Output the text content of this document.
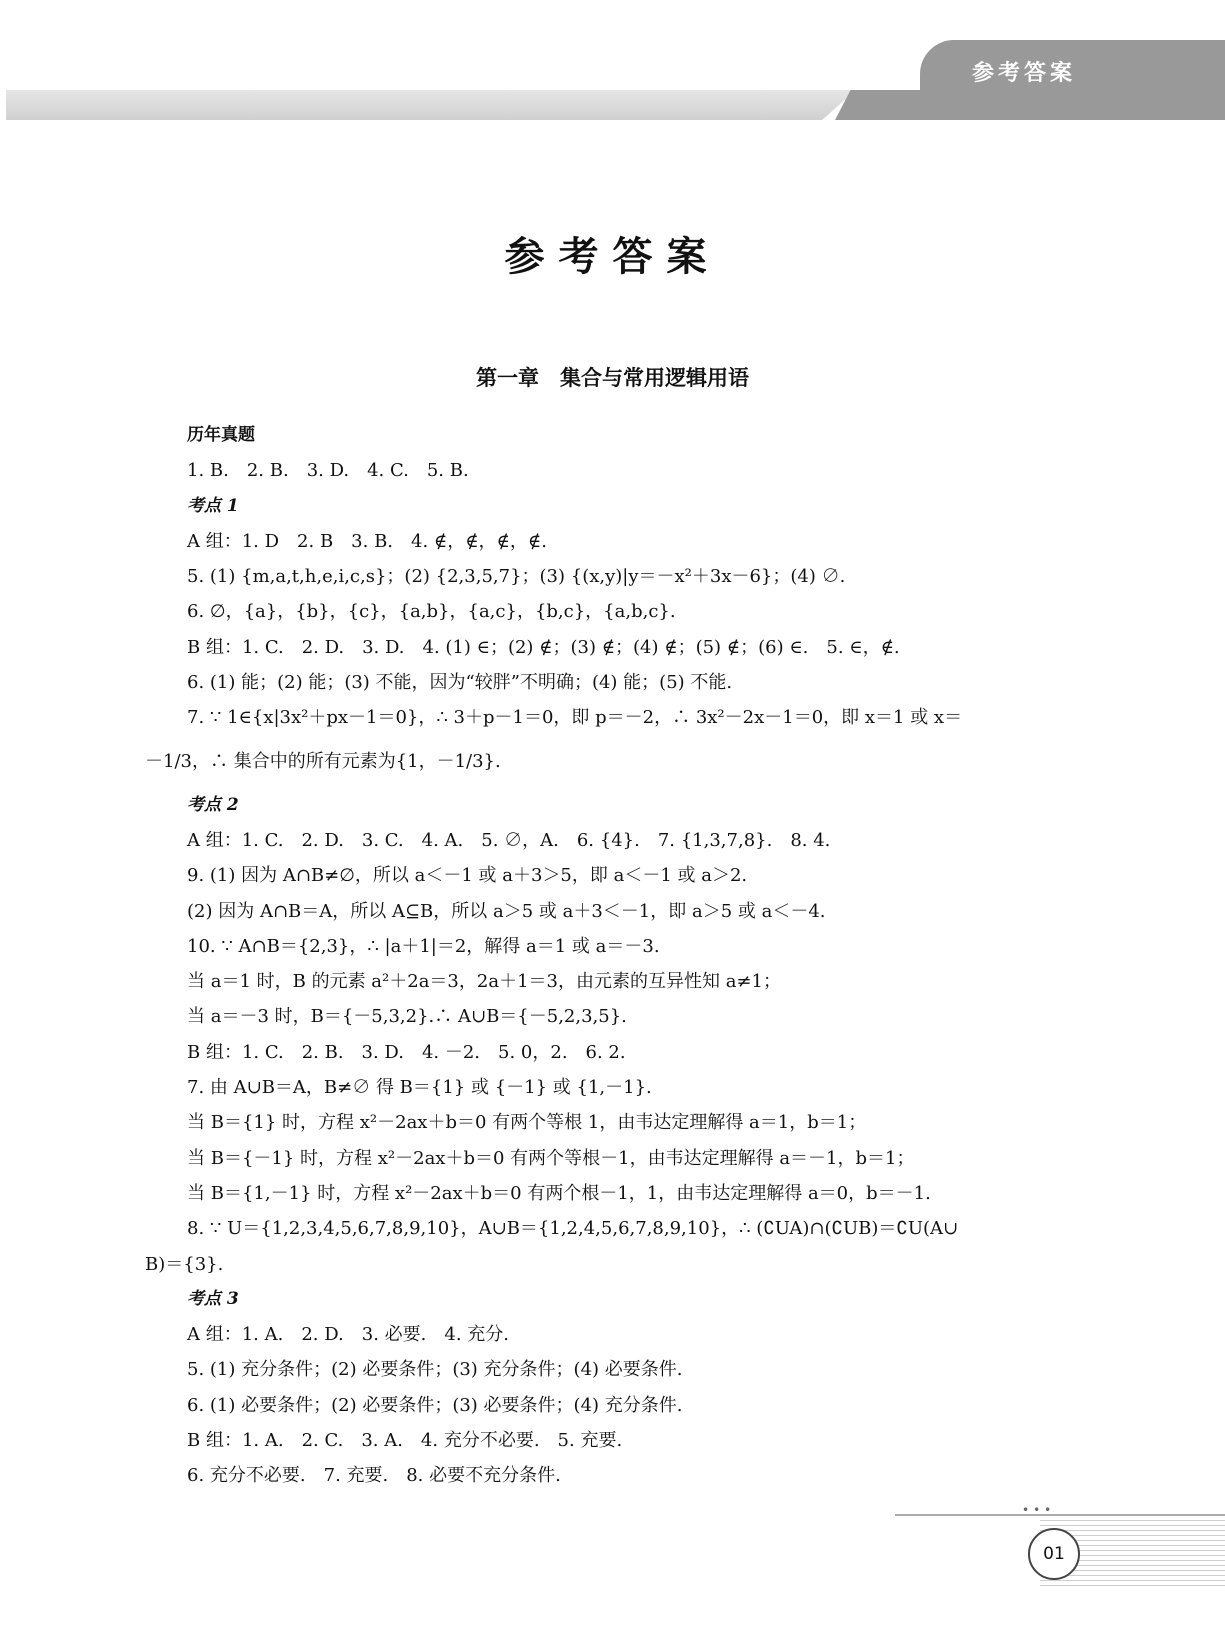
参考答案
参考答案
第一章　集合与常用逻辑用语
历年真题
1. B.　2. B.　3. D.　4. C.　5. B.
考点 1
A 组：1. D　2. B　3. B.　4. ∉，∉，∉，∉.
5. (1) {m,a,t,h,e,i,c,s}；(2) {2,3,5,7}；(3) {(x,y)|y＝－x²＋3x－6}；(4) ∅.
6. ∅，{a}，{b}，{c}，{a,b}，{a,c}，{b,c}，{a,b,c}.
B 组：1. C.　2. D.　3. D.　4. (1) ∈；(2) ∉；(3) ∉；(4) ∉；(5) ∉；(6) ∈.　5. ∈，∉.
6. (1) 能；(2) 能；(3) 不能，因为“较胖”不明确；(4) 能；(5) 不能.
7. ∵ 1∈{x|3x²＋px－1＝0}，∴ 3＋p－1＝0，即 p＝－2，∴ 3x²－2x－1＝0，即 x＝1 或 x＝
－1/3，∴ 集合中的所有元素为{1，－1/3}.
考点 2
A 组：1. C.　2. D.　3. C.　4. A.　5. ∅，A.　6. {4}.　7. {1,3,7,8}.　8. 4.
9. (1) 因为 A∩B≠∅，所以 a＜－1 或 a＋3＞5，即 a＜－1 或 a＞2.
(2) 因为 A∩B＝A，所以 A⊆B，所以 a＞5 或 a＋3＜－1，即 a＞5 或 a＜－4.
10. ∵ A∩B＝{2,3}，∴ |a＋1|＝2，解得 a＝1 或 a＝－3.
当 a＝1 时，B 的元素 a²＋2a＝3，2a＋1＝3，由元素的互异性知 a≠1；
当 a＝－3 时，B＝{－5,3,2}.∴ A∪B＝{－5,2,3,5}.
B 组：1. C.　2. B.　3. D.　4. －2.　5. 0，2.　6. 2.
7. 由 A∪B＝A，B≠∅ 得 B＝{1} 或 {－1} 或 {1,－1}.
当 B＝{1} 时，方程 x²－2ax＋b＝0 有两个等根 1，由韦达定理解得 a＝1，b＝1；
当 B＝{－1} 时，方程 x²－2ax＋b＝0 有两个等根－1，由韦达定理解得 a＝－1，b＝1；
当 B＝{1,－1} 时，方程 x²－2ax＋b＝0 有两个根－1，1，由韦达定理解得 a＝0，b＝－1.
8. ∵ U＝{1,2,3,4,5,6,7,8,9,10}，A∪B＝{1,2,4,5,6,7,8,9,10}，∴ (∁UA)∩(∁UB)＝∁U(A∪
B)＝{3}.
考点 3
A 组：1. A.　2. D.　3. 必要.　4. 充分.
5. (1) 充分条件；(2) 必要条件；(3) 充分条件；(4) 必要条件.
6. (1) 必要条件；(2) 必要条件；(3) 必要条件；(4) 充分条件.
B 组：1. A.　2. C.　3. A.　4. 充分不必要.　5. 充要.
6. 充分不必要.　7. 充要.　8. 必要不充分条件.
•••
01
